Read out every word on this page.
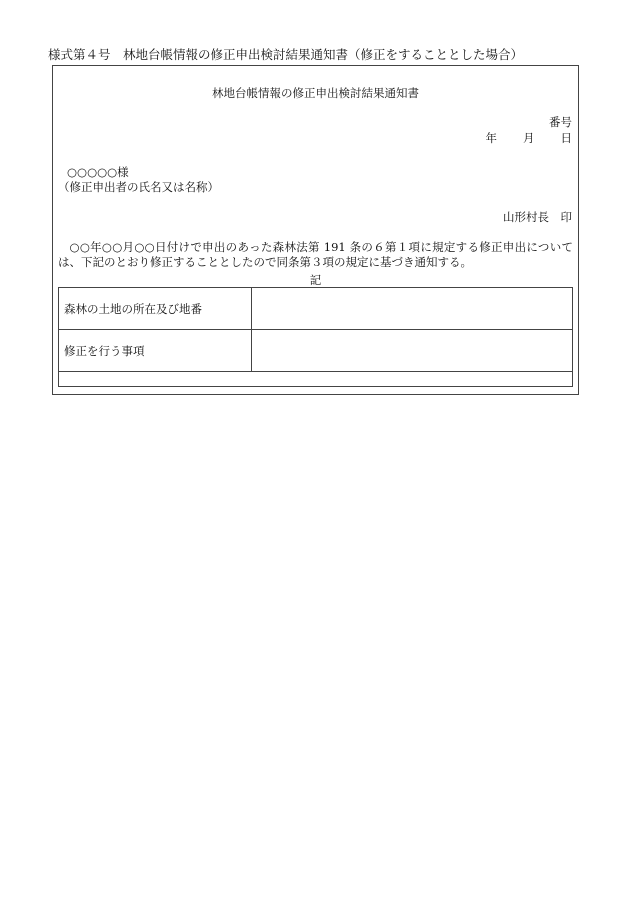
様式第４号　林地台帳情報の修正申出検討結果通知書（修正をすることとした場合）
林地台帳情報の修正申出検討結果通知書
番号
年 月 日
○○○○○様
（修正申出者の氏名又は名称）
山形村長　印
○○年○○月○○日付けで申出のあった森林法第 191 条の６第１項に規定する修正申出については、下記のとおり修正することとしたので同条第３項の規定に基づき通知する。
記
森林の土地の所在及び地番	
修正を行う事項	
